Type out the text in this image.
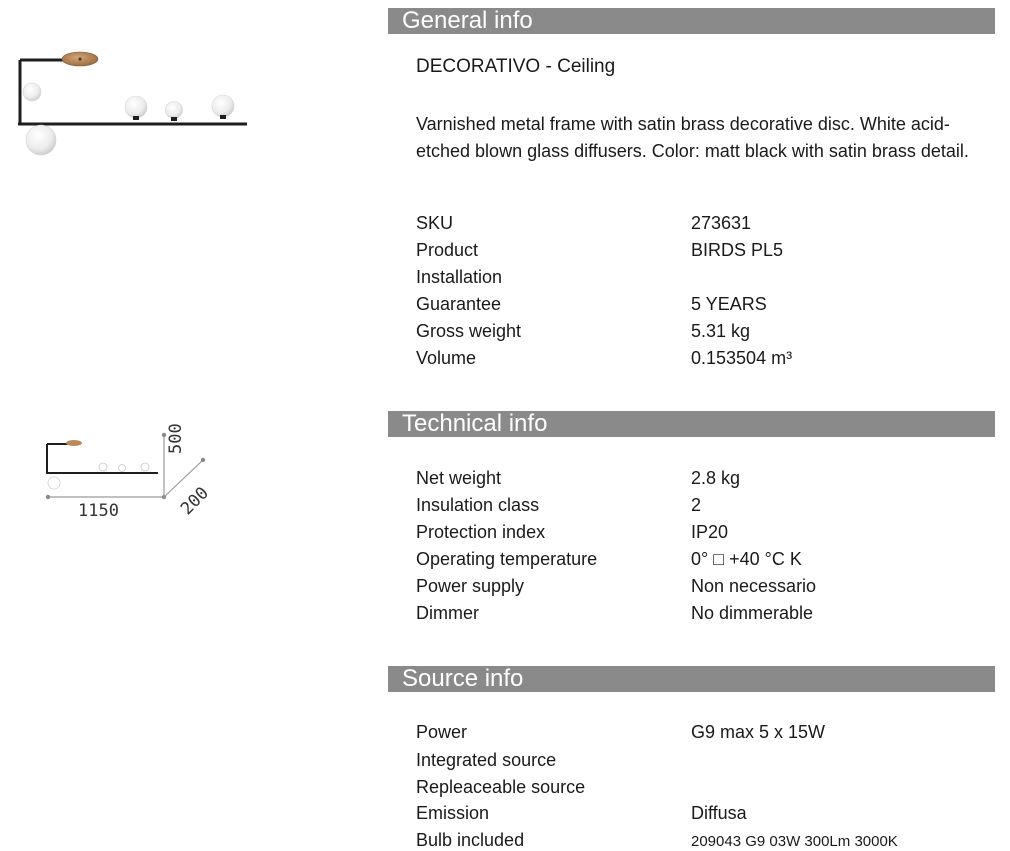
1150
500
200
General info
DECORATIVO - Ceiling
Varnished metal frame with satin brass decorative disc. White acid-etched blown glass diffusers. Color: matt black with satin brass detail.
SKU	273631
Product	BIRDS PL5
Installation
Guarantee	5 YEARS
Gross weight	5.31 kg
Volume	0.153504 m³
Technical info
Net weight	2.8 kg
Insulation class	2
Protection index	IP20
Operating temperature	0° □ +40 °C K
Power supply	Non necessario
Dimmer	No dimmerable
Source info
Power	G9 max 5 x 15W
Integrated source
Repleaceable source
Emission	Diffusa
Bulb included	209043 G9 03W 300Lm 3000K
